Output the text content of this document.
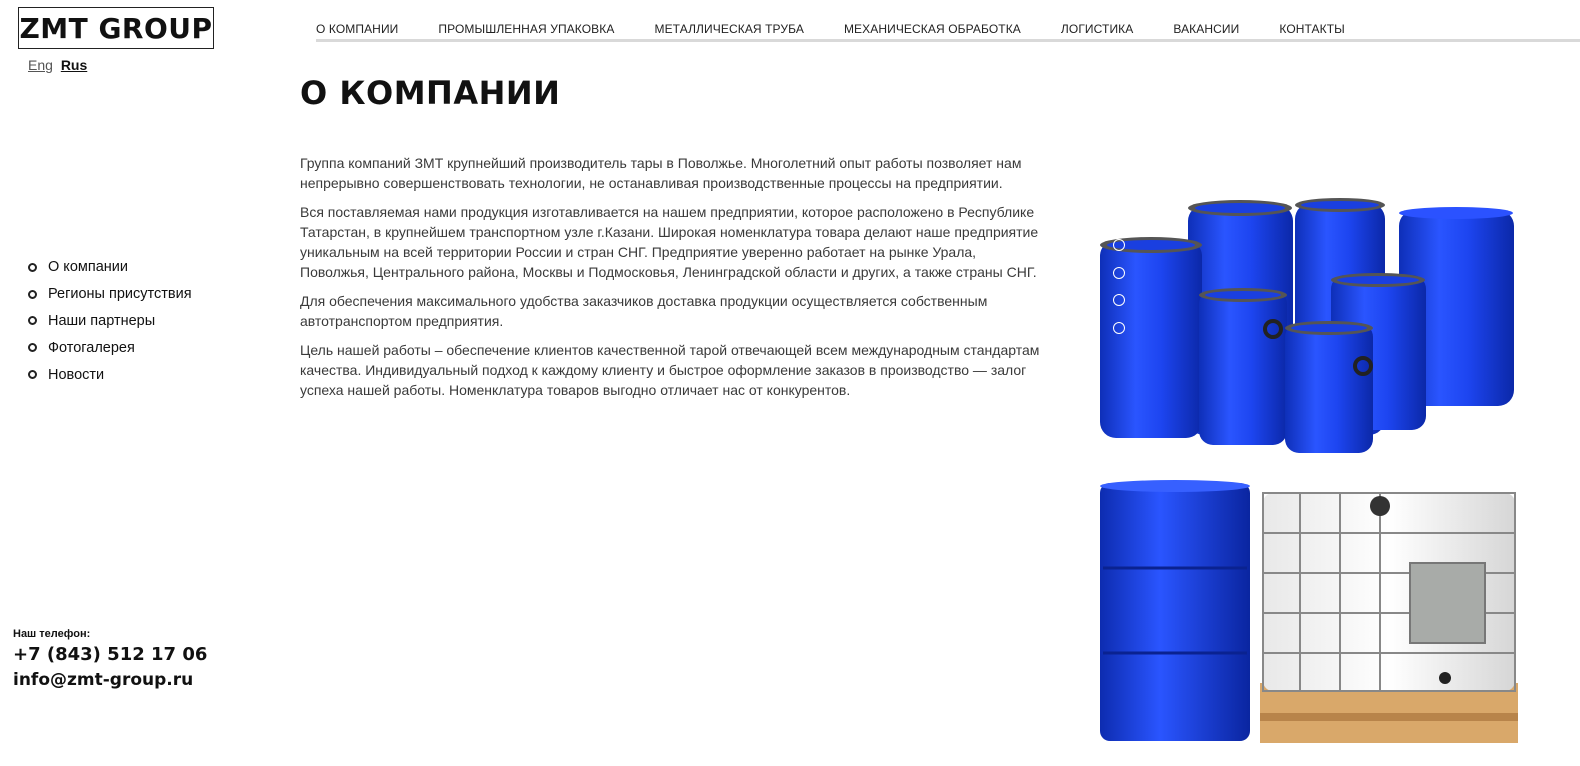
ZMT GROUP
Eng Rus
О КОМПАНИИ	ПРОМЫШЛЕННАЯ УПАКОВКА	МЕТАЛЛИЧЕСКАЯ ТРУБА	МЕХАНИЧЕСКАЯ ОБРАБОТКА	ЛОГИСТИКА	ВАКАНСИИ	КОНТАКТЫ
О КОМПАНИИ

Группа компаний ЗМТ крупнейший производитель тары в Поволжье. Многолетний опыт работы позволяет нам непрерывно совершенствовать технологии, не останавливая производственные процессы на предприятии.

Вся поставляемая нами продукция изготавливается на нашем предприятии, которое расположено в Республике Татарстан, в крупнейшем транспортном узле г.Казани. Широкая номенклатура товара делают наше предприятие уникальным на всей территории России и стран СНГ. Предприятие уверенно работает на рынке Урала, Поволжья, Центрального района, Москвы и Подмосковья, Ленинградской области и других, а также страны СНГ.

Для обеспечения максимального удобства заказчиков доставка продукции осуществляется собственным автотранспортом предприятия.

Цель нашей работы – обеспечение клиентов качественной тарой отвечающей всем международным стандартам качества. Индивидуальный подход к каждому клиенту и быстрое оформление заказов в производство — залог успеха нашей работы. Номенклатура товаров выгодно отличает нас от конкурентов.

О компании
Регионы присутствия
Наши партнеры
Фотогалерея
Новости
Наш телефон:
+7 (843) 512 17 06
info@zmt-group.ru
